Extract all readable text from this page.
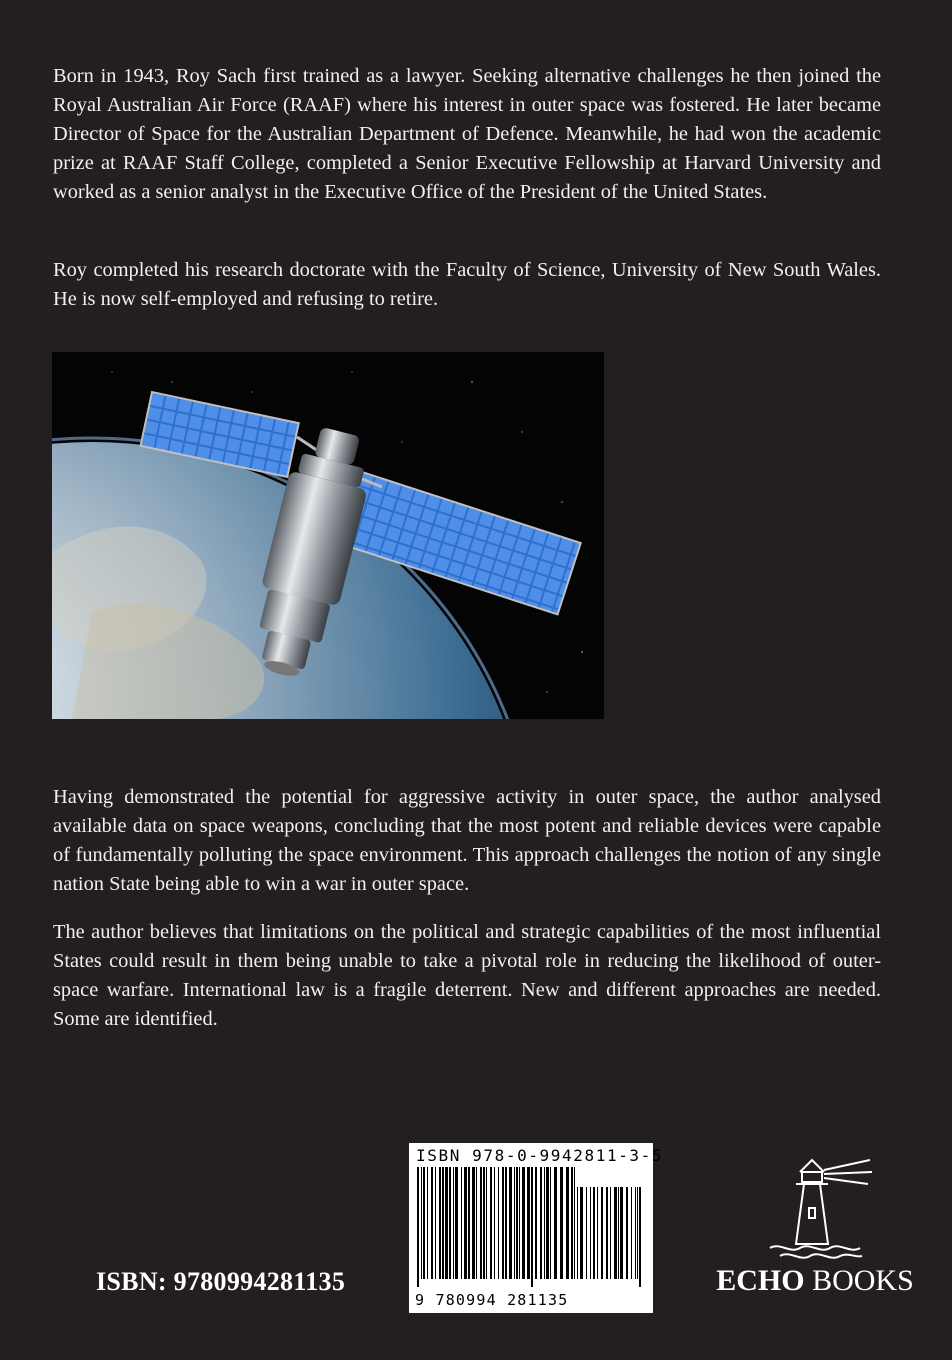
Born in 1943, Roy Sach first trained as a lawyer. Seeking alternative challenges he then joined the Royal Australian Air Force (RAAF) where his interest in outer space was fostered. He later became Director of Space for the Australian Department of Defence. Meanwhile, he had won the academic prize at RAAF Staff College, completed a Senior Executive Fellowship at Harvard University and worked as a senior analyst in the Executive Office of the President of the United States.

Roy completed his research doctorate with the Faculty of Science, University of New South Wales. He is now self-employed and refusing to retire.

Having demonstrated the potential for aggressive activity in outer space, the author analysed available data on space weapons, concluding that the most potent and reliable devices were capable of fundamentally polluting the space environment. This approach challenges the notion of any single nation State being able to win a war in outer space.

The author believes that limitations on the political and strategic capabilities of the most influential States could result in them being unable to take a pivotal role in reducing the likelihood of outer-space warfare. International law is a fragile deterrent. New and different approaches are needed. Some are identified.

ISBN: 9780994281135
ISBN 978-0-9942811-3-5
9 780994 281135
ECHO BOOKS
